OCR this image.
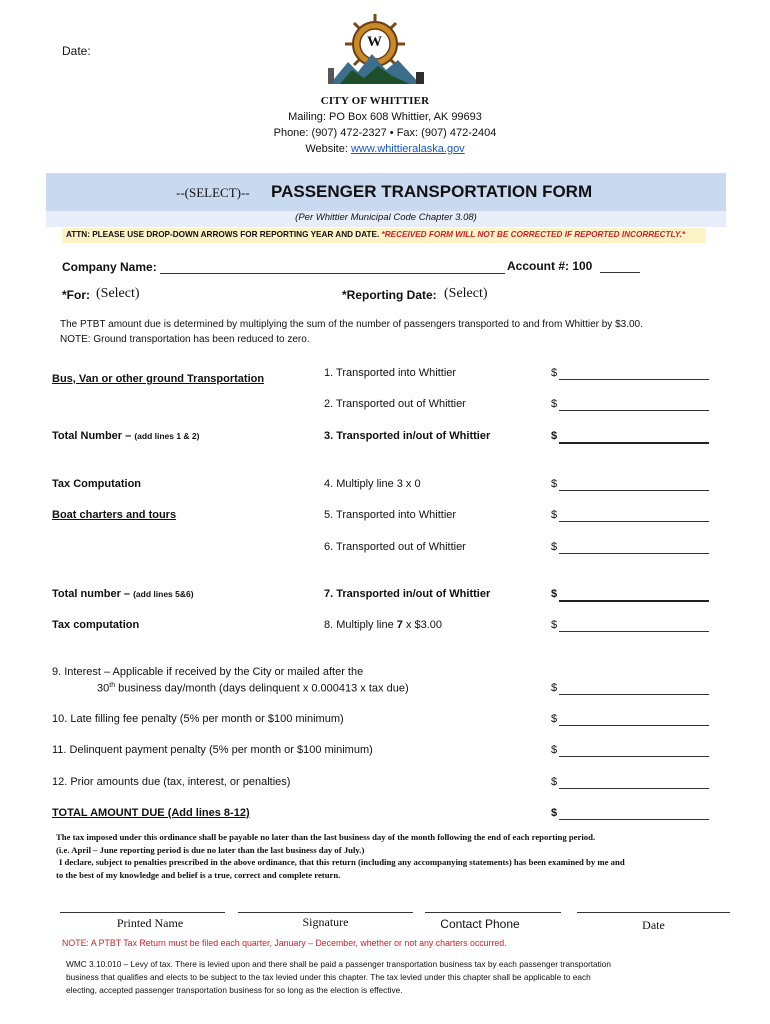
Date:
W
CITY OF WHITTIER
Mailing: PO Box 608 Whittier, AK 99693
Phone: (907) 472-2327 • Fax: (907) 472-2404
Website: www.whittieralaska.gov
--(SELECT)-- PASSENGER TRANSPORTATION FORM
(Per Whittier Municipal Code Chapter 3.08)
ATTN: PLEASE USE DROP-DOWN ARROWS FOR REPORTING YEAR AND DATE. *RECEIVED FORM WILL NOT BE CORRECTED IF REPORTED INCORRECTLY.*
Company Name:	Account #: 100
*For: (Select)	*Reporting Date: (Select)
The PTBT amount due is determined by multiplying the sum of the number of passengers transported to and from Whittier by $3.00.
NOTE: Ground transportation has been reduced to zero.
Bus, Van or other ground Transportation	1. Transported into Whittier	$
2. Transported out of Whittier	$
Total Number – (add lines 1 & 2)	3. Transported in/out of Whittier	$
Tax Computation	4. Multiply line 3 x 0	$
Boat charters and tours	5. Transported into Whittier	$
6. Transported out of Whittier	$
Total number – (add lines 5&6)	7. Transported in/out of Whittier	$
Tax computation	8. Multiply line 7 x $3.00	$
9. Interest – Applicable if received by the City or mailed after the
30th business day/month (days delinquent x 0.000413 x tax due)	$
10. Late filling fee penalty (5% per month or $100 minimum)	$
11. Delinquent payment penalty (5% per month or $100 minimum)	$
12. Prior amounts due (tax, interest, or penalties)	$
TOTAL AMOUNT DUE (Add lines 8-12)	$
The tax imposed under this ordinance shall be payable no later than the last business day of the month following the end of each reporting period.
(i.e. April – June reporting period is due no later than the last business day of July.)
I declare, subject to penalties prescribed in the above ordinance, that this return (including any accompanying statements) has been examined by me and
to the best of my knowledge and belief is a true, correct and complete return.
Printed Name	Signature	Contact Phone	Date
NOTE: A PTBT Tax Return must be filed each quarter, January – December, whether or not any charters occurred.
WMC 3.10.010 – Levy of tax. There is levied upon and there shall be paid a passenger transportation business tax by each passenger transportation
business that qualifies and elects to be subject to the tax levied under this chapter. The tax levied under this chapter shall be applicable to each
electing, accepted passenger transportation business for so long as the election is effective.
